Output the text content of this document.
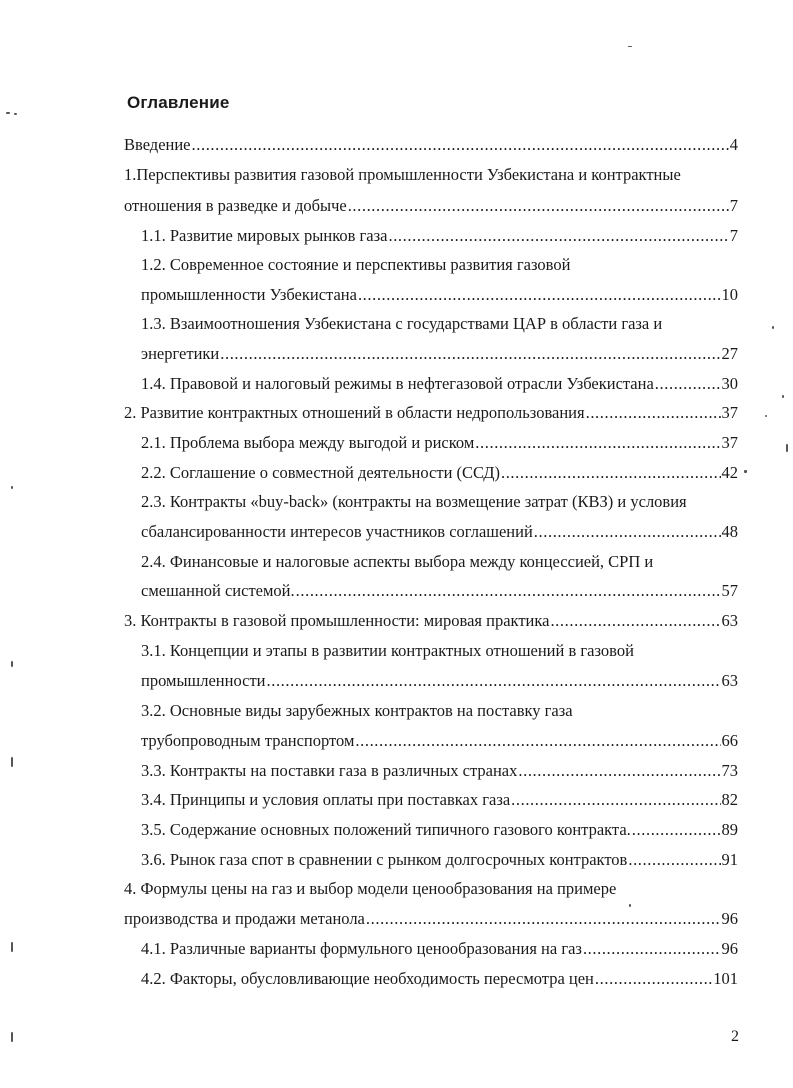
Оглавление
Введение .....	4
1.Перспективы развития газовой промышленности Узбекистана и контрактные
отношения в разведке и добыче .....	7
1.1. Развитие мировых рынков газа .....	7
1.2. Современное состояние и перспективы развития газовой
промышленности Узбекистана .....	10
1.3. Взаимоотношения Узбекистана с государствами ЦАР в области газа и
энергетики .....	27
1.4. Правовой и налоговый режимы в нефтегазовой отрасли Узбекистана .....	30
2. Развитие контрактных отношений в области недропользования .....	37
2.1. Проблема выбора между выгодой и риском .....	37
2.2. Соглашение о совместной деятельности (ССД) .....	42
2.3. Контракты «buy-back» (контракты на возмещение затрат (КВЗ) и условия
сбалансированности интересов участников соглашений .....	48
2.4. Финансовые и налоговые аспекты выбора между концессией, СРП и
смешанной системой. .....	57
3. Контракты в газовой промышленности: мировая практика .....	63
3.1. Концепции и этапы в развитии контрактных отношений в газовой
промышленности .....	63
3.2. Основные виды зарубежных контрактов на поставку газа
трубопроводным транспортом .....	66
3.3. Контракты на поставки газа в различных странах .....	73
3.4. Принципы и условия оплаты при поставках газа .....	82
3.5. Содержание основных положений типичного газового контракта. .....	89
3.6. Рынок газа спот в сравнении с рынком долгосрочных контрактов .....	91
4. Формулы цены на газ и выбор модели ценообразования на примере
производства и продажи метанола .....	96
4.1. Различные варианты формульного ценообразования на газ .....	96
4.2. Факторы, обусловливающие необходимость пересмотра цен .....	101
2
